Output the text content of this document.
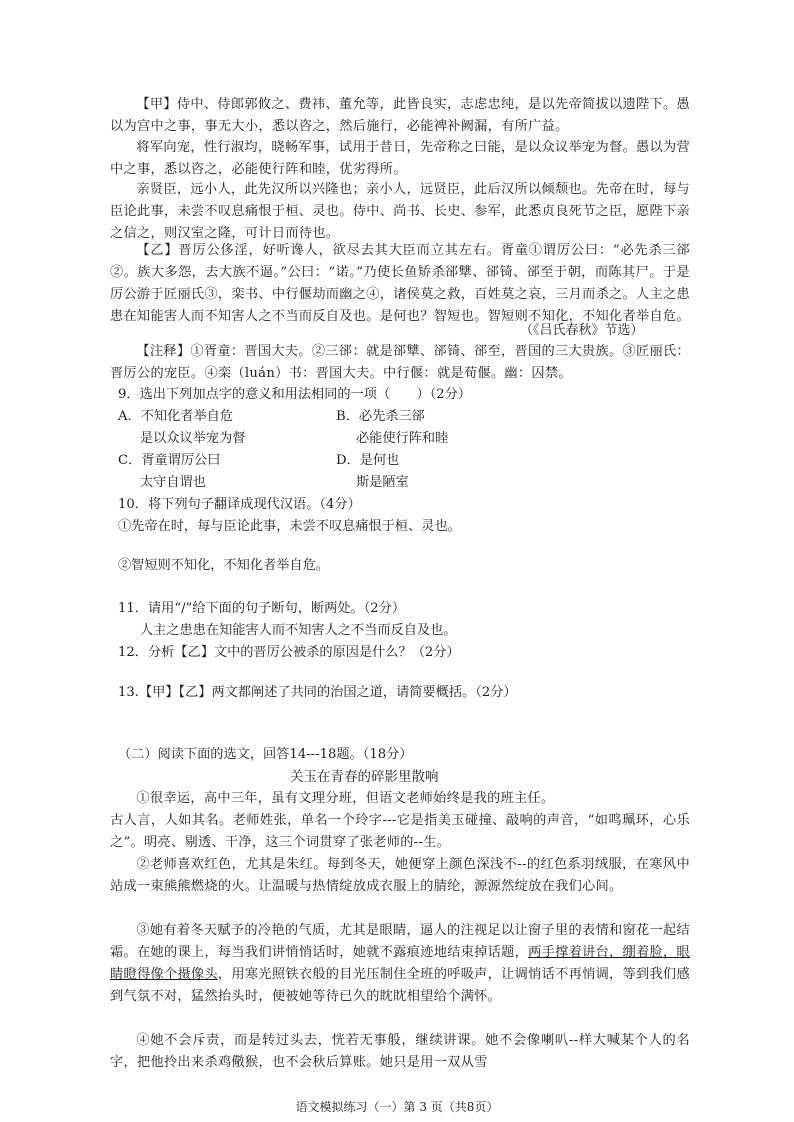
【甲】侍中、侍郎郭攸之、费祎、董允等，此皆良实，志虑忠纯，是以先帝简拔以遗陛下。愚以为宫中之事，事无大小，悉以咨之，然后施行，必能裨补阙漏，有所广益。

将军向宠，性行淑均，晓畅军事，试用于昔日，先帝称之曰能，是以众议举宠为督。愚以为营中之事，悉以咨之，必能使行阵和睦，优劣得所。

亲贤臣，远小人，此先汉所以兴隆也；亲小人，远贤臣，此后汉所以倾颓也。先帝在时，每与臣论此事，未尝不叹息痛恨于桓、灵也。侍中、尚书、长史、参军，此悉贞良死节之臣，愿陛下亲之信之，则汉室之隆，可计日而待也。

【乙】晋厉公侈淫，好听谗人，欲尽去其大臣而立其左右。胥童①谓厉公曰：“必先杀三郤②。族大多怨，去大族不逼。”公曰：“诺。”乃使长鱼矫杀郤犨、郤锜、郤至于朝，而陈其尸。于是厉公游于匠丽氏③，栾书、中行偃劫而幽之④，诸侯莫之救，百姓莫之哀，三月而杀之。人主之患患在知能害人而不知害人之不当而反自及也。是何也？智短也。智短则不知化，不知化者举自危。

（《吕氏春秋》节选）

【注释】①胥童：晋国大夫。②三郤：就是郤犨、郤锜、郤至，晋国的三大贵族。③匠丽氏：晋厉公的宠臣。④栾（luán）书：晋国大夫。中行偃：就是荀偃。幽：囚禁。

9．选出下列加点字的意义和用法相同的一项（　　）（2分）

A．不知化者举自危

是以众议举宠为督

B．必先杀三郤

必能使行阵和睦

C．胥童谓厉公曰

太守自谓也

D．是何也

斯是陋室

10．将下列句子翻译成现代汉语。（4分）

①先帝在时，每与臣论此事，未尝不叹息痛恨于桓、灵也。

②智短则不知化，不知化者举自危。

11．请用“/”给下面的句子断句，断两处。（2分）

人主之患患在知能害人而不知害人之不当而反自及也。

12．分析【乙】文中的晋厉公被杀的原因是什么？（2分）

13.【甲】【乙】两文都阐述了共同的治国之道，请简要概括。（2分）

（二）阅读下面的选文，回答14---18题。（18分）

关玉在青春的碎影里散响

①很幸运，高中三年，虽有文理分班，但语文老师始终是我的班主任。

古人言，人如其名。老师姓张，单名一个玲字---它是指美玉碰撞、敲响的声音，“如鸣珮环，心乐之”。明亮、剔透、干净，这三个词贯穿了张老师的--生。

②老师喜欢红色，尤其是朱红。每到冬天，她便穿上颜色深浅不--的红色系羽绒服，在寒风中站成一束熊熊燃烧的火。让温暖与热情绽放成衣服上的腈纶，源源然绽放在我们心间。

③她有着冬天赋予的冷艳的气质，尤其是眼睛，逼人的注视足以让窗子里的表情和窗花一起结霜。在她的课上，每当我们讲悄悄话时，她就不露痕迹地结束掉话题，两手撑着讲台，绷着脸，眼睛瞪得像个摄像头，用寒光照铁衣般的目光压制住全班的呼吸声，让调悄话不再悄调，等到我们感到气氛不对，猛然抬头时，便被她等待已久的眈眈相望给个满怀。

④她不会斥责，而是转过头去，恍若无事般，继续讲课。她不会像喇叭--样大喊某个人的名字，把他拎出来杀鸡儆猴，也不会秋后算账。她只是用一双从雪

语文模拟练习（一）第 3 页（共8页）
